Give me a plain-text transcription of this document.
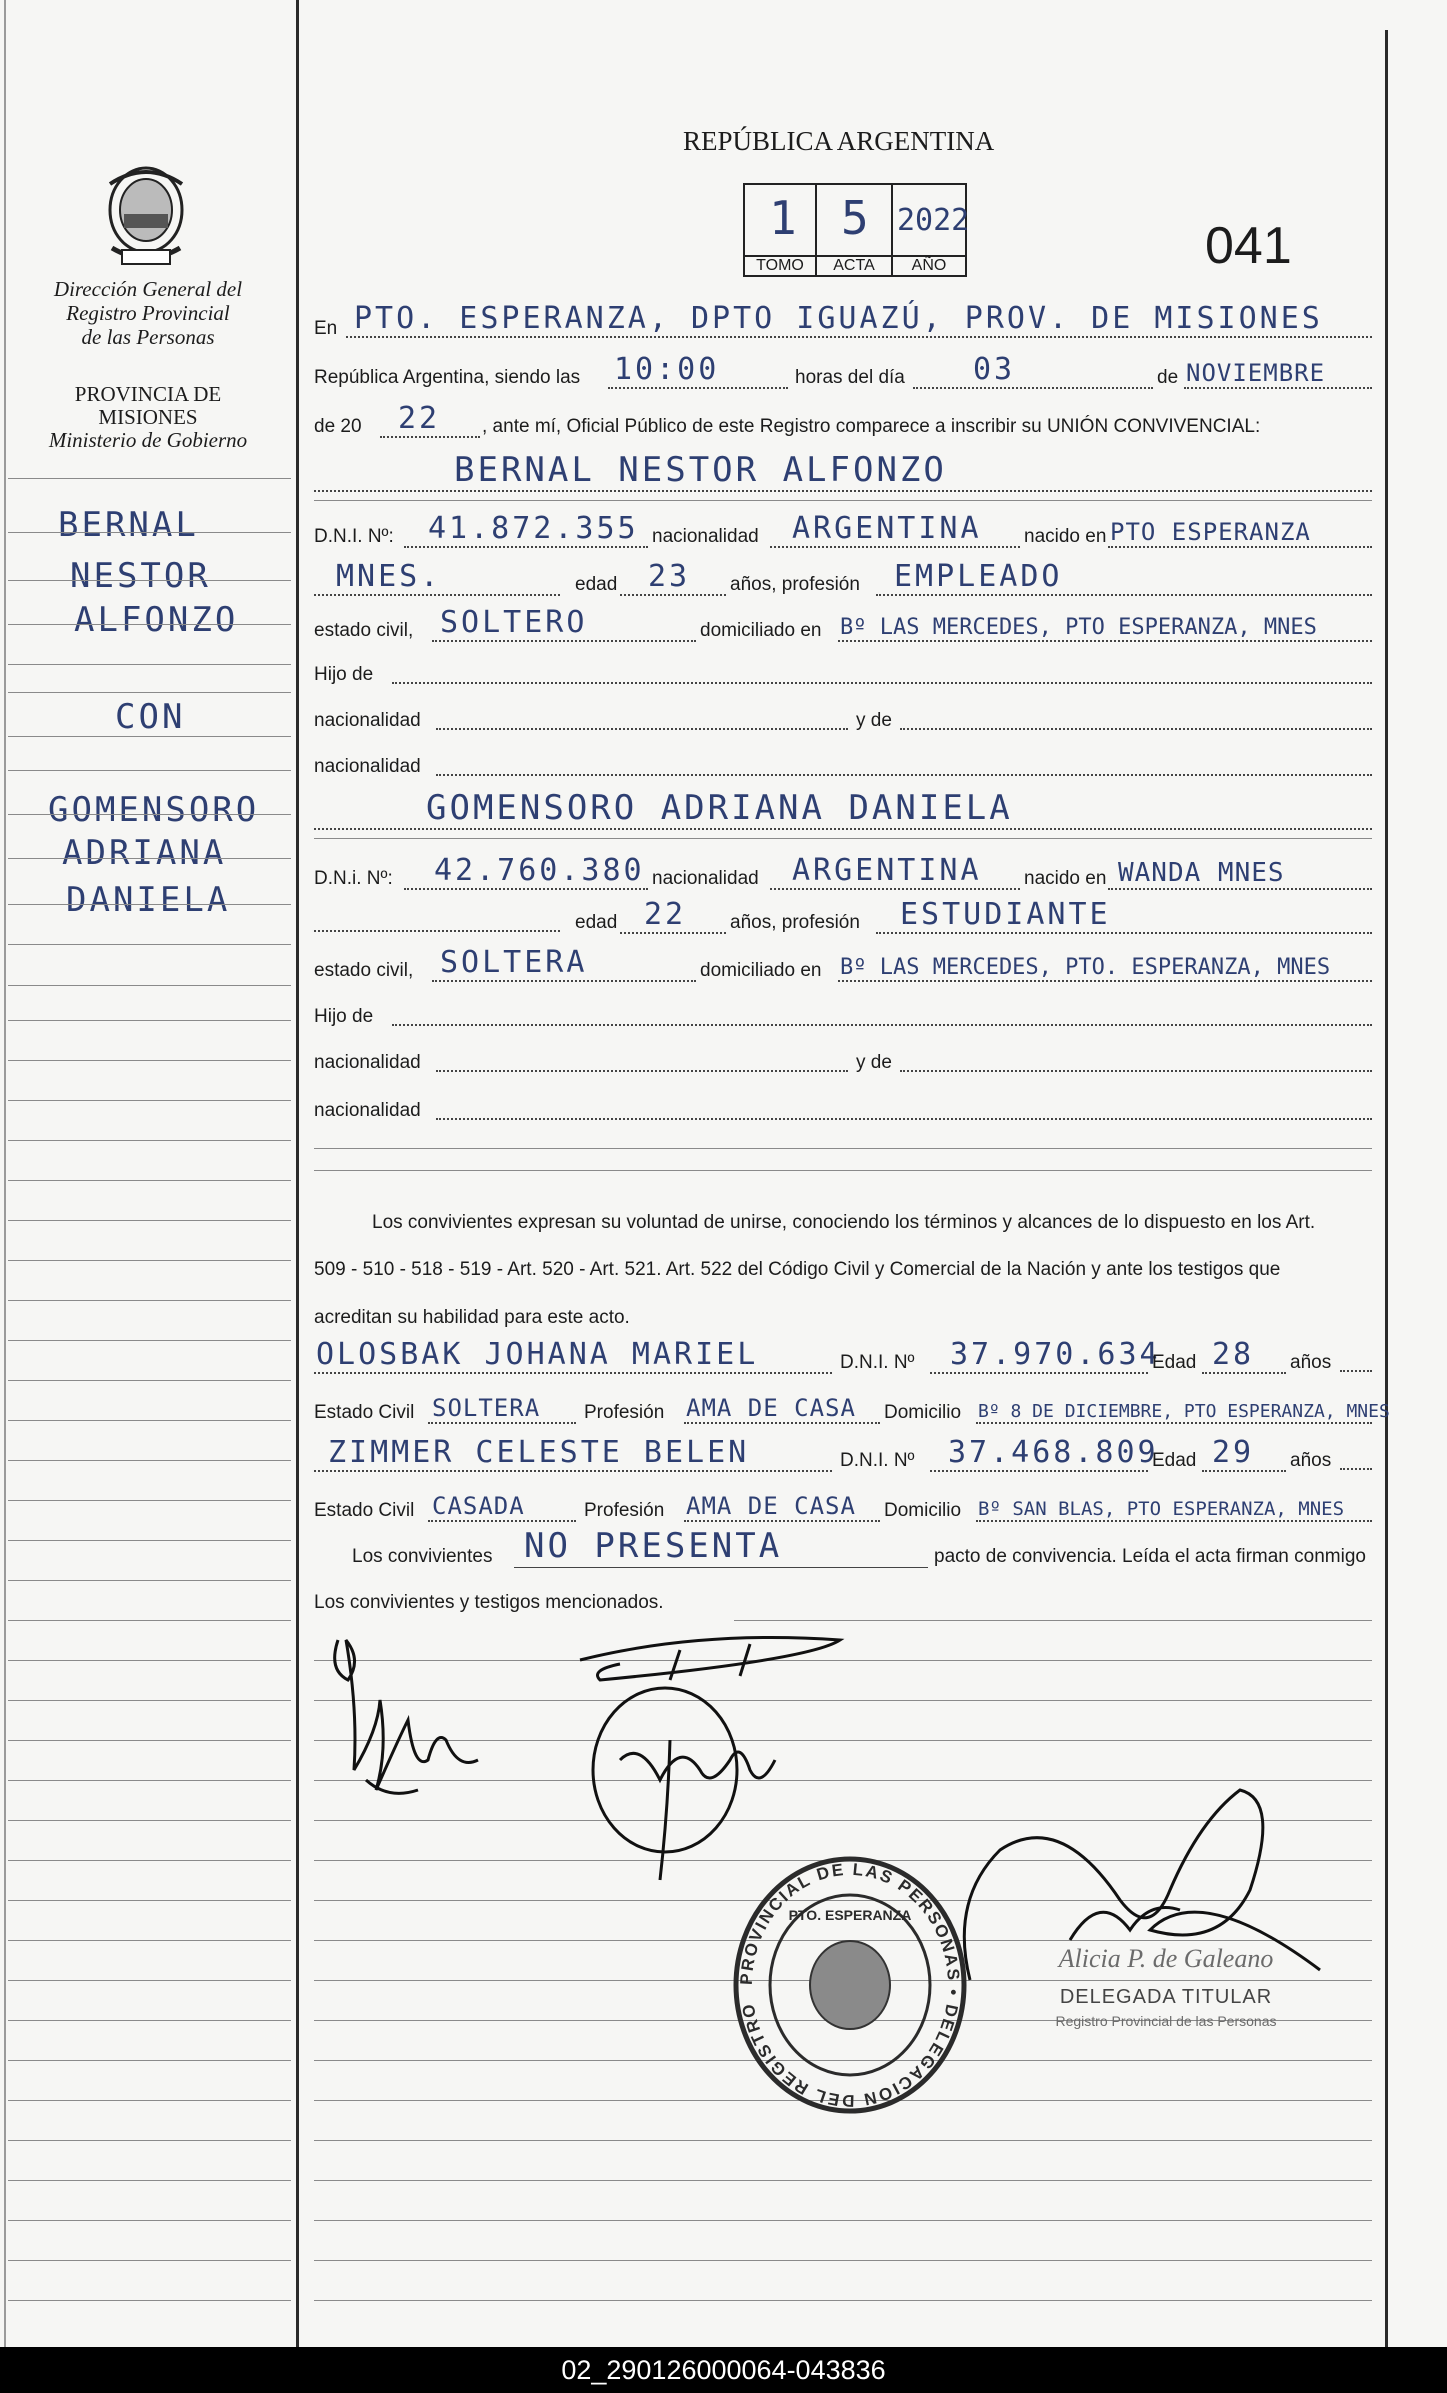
Dirección General del
Registro Provincial
de las Personas
PROVINCIA DE
MISIONES
Ministerio de Gobierno
BERNAL
NESTOR
ALFONZO
CON
GOMENSORO
ADRIANA
DANIELA
REPÚBLICA ARGENTINA
1
TOMO
5
ACTA
2022
AÑO	041
En PTO. ESPERANZA, DPTO IGUAZÚ, PROV. DE MISIONES
República Argentina, siendo las 10:00	horas del día 03	de NOVIEMBRE
de 20 22 , ante mí, Oficial Público de este Registro comparece a inscribir su UNIÓN CONVIVENCIAL:
BERNAL NESTOR ALFONZO
D.N.I. Nº: 41.872.355 nacionalidad ARGENTINA nacido en PTO ESPERANZA
MNES.	edad 23 años, profesión EMPLEADO
estado civil, SOLTERO	domiciliado en Bº LAS MERCEDES, PTO ESPERANZA, MNES
Hijo de
nacionalidad	y de
nacionalidad
GOMENSORO ADRIANA DANIELA
D.N.i. Nº: 42.760.380 nacionalidad ARGENTINA nacido en WANDA MNES
edad 22 años, profesión ESTUDIANTE
estado civil, SOLTERA	domiciliado en Bº LAS MERCEDES, PTO. ESPERANZA, MNES
Hijo de
nacionalidad	y de
nacionalidad
Los convivientes expresan su voluntad de unirse, conociendo los términos y alcances de lo dispuesto en los Art.
509 - 510 - 518 - 519 - Art. 520 - Art. 521. Art. 522 del Código Civil y Comercial de la Nación y ante los testigos que
acreditan su habilidad para este acto.
OLOSBAK JOHANA MARIEL	D.N.I. Nº 37.970.634
Edad 28 años
Estado Civil SOLTERA Profesión AMA DE CASA Domicilio Bº 8 DE DICIEMBRE, PTO ESPERANZA, MNES
ZIMMER CELESTE BELEN	D.N.I. Nº 37.468.809
Edad 29 años
Estado Civil CASADA	Profesión AMA DE CASA Domicilio Bº SAN BLAS, PTO ESPERANZA, MNES
Los convivientes NO PRESENTA	pacto de convivencia. Leída el acta firman conmigo
Los convivientes y testigos mencionados.
PROVINCIAL DE LAS PERSONAS • DELEGACION DEL REGISTRO
PTO. ESPERANZA
Alicia P. de Galeano
DELEGADA TITULAR
Registro Provincial de las Personas
02_290126000064-043836
